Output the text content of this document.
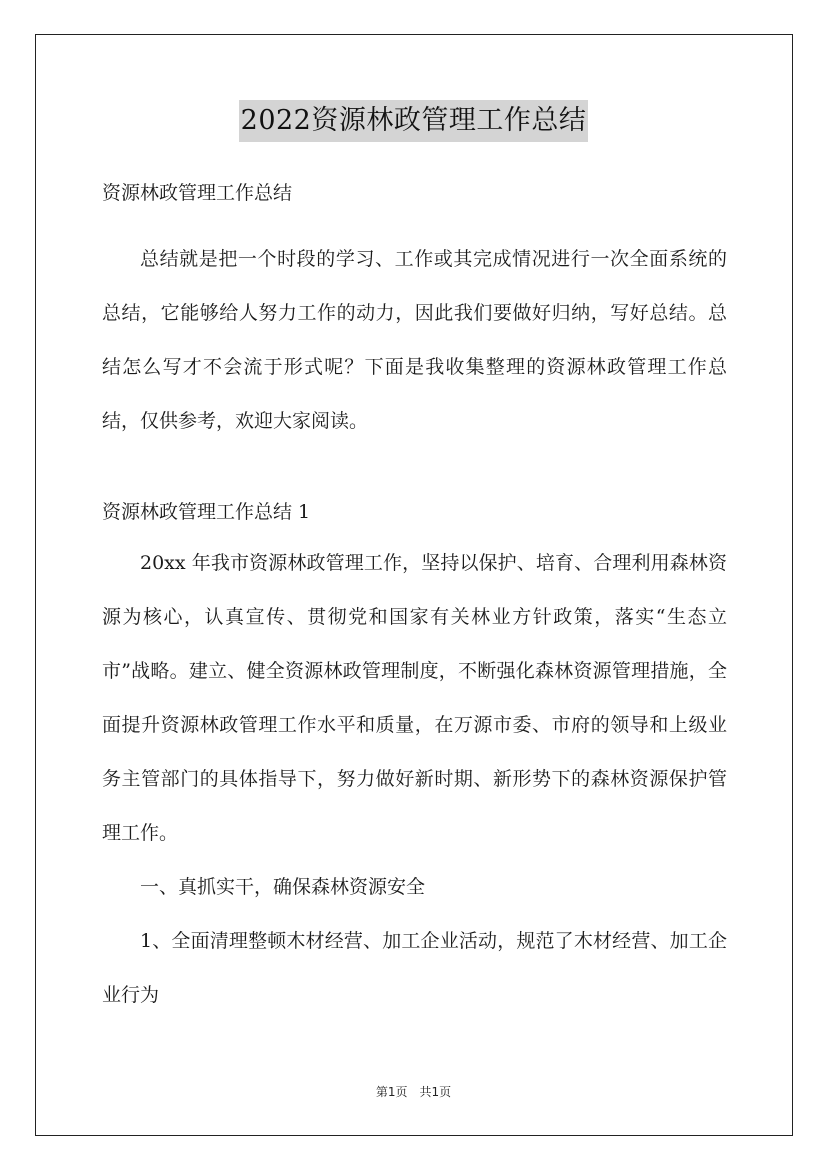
2022资源林政管理工作总结

资源林政管理工作总结

总结就是把一个时段的学习、工作或其完成情况进行一次全面系统的总结，它能够给人努力工作的动力，因此我们要做好归纳，写好总结。总结怎么写才不会流于形式呢？下面是我收集整理的资源林政管理工作总结，仅供参考，欢迎大家阅读。

资源林政管理工作总结 1

20xx 年我市资源林政管理工作，坚持以保护、培育、合理利用森林资源为核心，认真宣传、贯彻党和国家有关林业方针政策，落实“生态立市”战略。建立、健全资源林政管理制度，不断强化森林资源管理措施，全面提升资源林政管理工作水平和质量，在万源市委、市府的领导和上级业务主管部门的具体指导下，努力做好新时期、新形势下的森林资源保护管理工作。

一、真抓实干，确保森林资源安全

1、全面清理整顿木材经营、加工企业活动，规范了木材经营、加工企业行为

第1页　共1页
